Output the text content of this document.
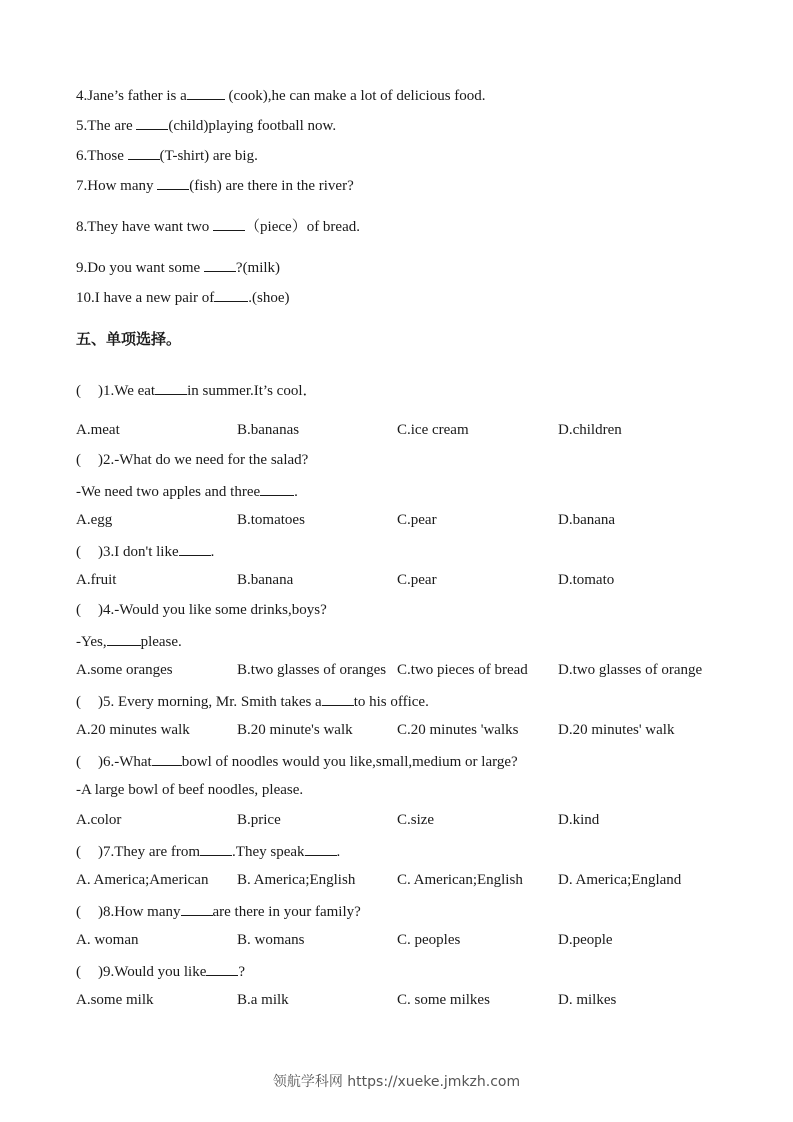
4.Jane’s father is a	(cook),he can make a lot of delicious food.
5.The are (child)playing football now.
6.Those (T-shirt) are big.
7.How many (fish) are there in the river?
8.They have want two （piece）of bread.
9.Do you want some ?(milk)
10.I have a new pair of .(shoe)
五、单项选择。
( )1.We eat in summer.It’s cool．
A.meat	B.bananas	C.ice cream	D.children
( )2.-What do we need for the salad?
-We need two apples and three .
A.egg	B.tomatoes	C.pear	D.banana
( )3.I don't like .
A.fruit	B.banana	C.pear	D.tomato
( )4.-Would you like some drinks,boys?
-Yes, please.
A.some oranges	B.two glasses of oranges C.two pieces of bread D.two glasses of orange
( )5. Every morning, Mr. Smith takes a to his office.
A.20 minutes walk	B.20 minute's walk	C.20 minutes 'walks	D.20 minutes' walk
( )6.-What bowl of noodles would you like,small,medium or large?
-A large bowl of beef noodles, please.
A.color	B.price	C.size	D.kind
( )7.They are from .They speak .
A. America;American B. America;English	C. American;English D. America;England
( )8.How many are there in your family?
A. woman	B. womans	C. peoples	D.people
( )9.Would you like ?
A.some milk	B.a milk	C. some milkes	D. milkes
领航学科网 https://xueke.jmkzh.com
